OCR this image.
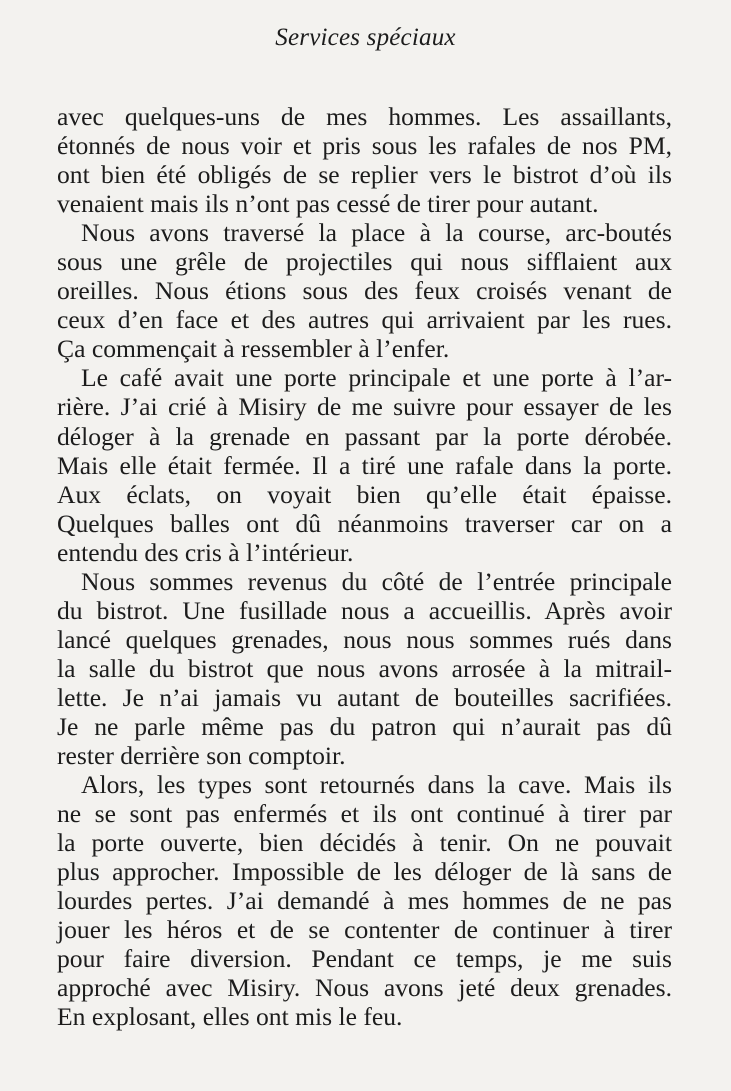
Services spéciaux
avec quelques-uns de mes hommes. Les assaillants,
étonnés de nous voir et pris sous les rafales de nos PM,
ont bien été obligés de se replier vers le bistrot d’où ils
venaient mais ils n’ont pas cessé de tirer pour autant.
Nous avons traversé la place à la course, arc-boutés
sous une grêle de projectiles qui nous sifflaient aux
oreilles. Nous étions sous des feux croisés venant de
ceux d’en face et des autres qui arrivaient par les rues.
Ça commençait à ressembler à l’enfer.
Le café avait une porte principale et une porte à l’ar-
rière. J’ai crié à Misiry de me suivre pour essayer de les
déloger à la grenade en passant par la porte dérobée.
Mais elle était fermée. Il a tiré une rafale dans la porte.
Aux éclats, on voyait bien qu’elle était épaisse.
Quelques balles ont dû néanmoins traverser car on a
entendu des cris à l’intérieur.
Nous sommes revenus du côté de l’entrée principale
du bistrot. Une fusillade nous a accueillis. Après avoir
lancé quelques grenades, nous nous sommes rués dans
la salle du bistrot que nous avons arrosée à la mitrail-
lette. Je n’ai jamais vu autant de bouteilles sacrifiées.
Je ne parle même pas du patron qui n’aurait pas dû
rester derrière son comptoir.
Alors, les types sont retournés dans la cave. Mais ils
ne se sont pas enfermés et ils ont continué à tirer par
la porte ouverte, bien décidés à tenir. On ne pouvait
plus approcher. Impossible de les déloger de là sans de
lourdes pertes. J’ai demandé à mes hommes de ne pas
jouer les héros et de se contenter de continuer à tirer
pour faire diversion. Pendant ce temps, je me suis
approché avec Misiry. Nous avons jeté deux grenades.
En explosant, elles ont mis le feu.
